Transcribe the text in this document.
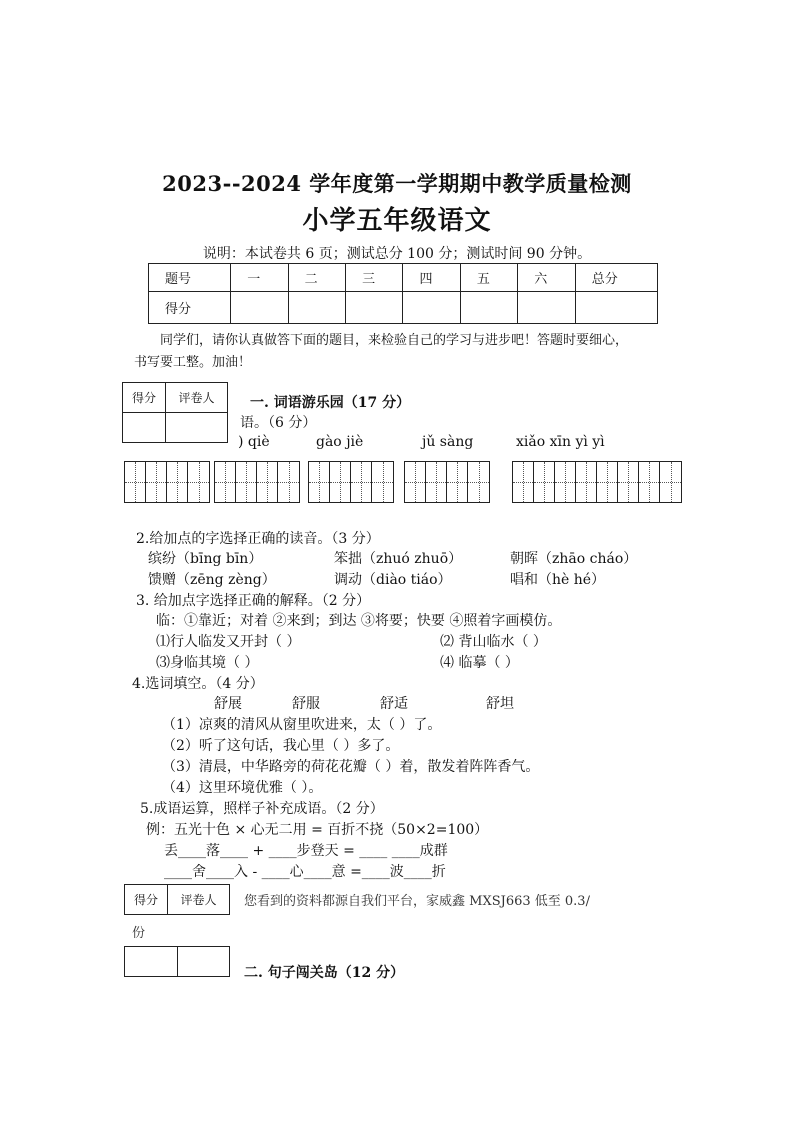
2023--2024 学年度第一学期期中教学质量检测
小学五年级语文
说明：本试卷共 6 页；测试总分 100 分；测试时间 90 分钟。
题号	一	二	三	四	五	六	总分
得分							
同学们，请你认真做答下面的题目，来检验自己的学习与进步吧！答题时要细心，
书写要工整。加油！
得分	评卷人
		一. 词语游乐园（17 分）
语。（6 分）
) qiè	gào jiè	jǔ sàng	xiǎo xīn yì yì
2.给加点的字选择正确的读音。（3 分）
缤纷（bīng bīn）	笨拙（zhuó zhuō）	朝晖（zhāo cháo）
馈赠（zēng zèng）	调动（diào tiáo）	唱和（hè hé）
3. 给加点字选择正确的解释。（2 分）
临：①靠近；对着 ②来到；到达 ③将要；快要 ④照着字画模仿。
⑴行人临发又开封（ ）	⑵ 背山临水（ ）
⑶身临其境（ ）	⑷ 临摹（ ）
4.选词填空。（4 分）
舒展	舒服	舒适	舒坦
（1）凉爽的清风从窗里吹进来，太（ ）了。
（2）听了这句话，我心里（ ）多了。
（3）清晨，中华路旁的荷花花瓣（ ）着，散发着阵阵香气。
（4）这里环境优雅（ ）。
5.成语运算，照样子补充成语。（2 分）
例：五光十色 × 心无二用 = 百折不挠（50×2=100）
丢____落____ + ____步登天 = ____ ____成群
____舍____入 - ____心____意 =____波____折
得分	评卷人 您看到的资料都源自我们平台，家威鑫 MXSJ663 低至 0.3/
份

二. 句子闯关岛（12 分）
